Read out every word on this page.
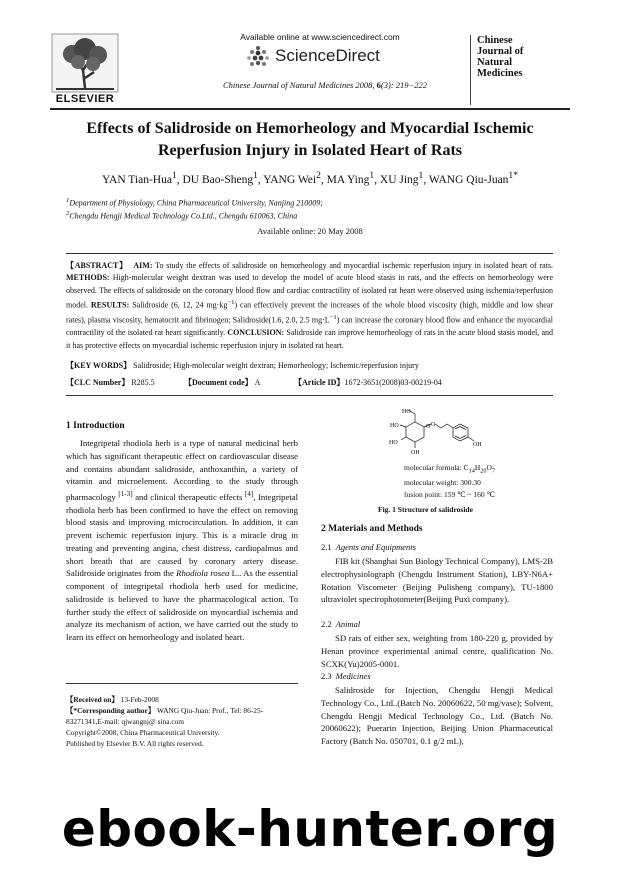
ELSEVIER
Available online at www.sciencedirect.com
ScienceDirect
Chinese Journal of Natural Medicines 2008, 6(3): 219−222
Chinese
Journal of
Natural
Medicines
Effects of Salidroside on Hemorheology and Myocardial Ischemic Reperfusion Injury in Isolated Heart of Rats
YAN Tian-Hua$^1$, DU Bao-Sheng$^1$, YANG Wei$^2$, MA Ying$^1$, XU Jing$^1$, WANG Qiu-Juan$^{1*}$
$^1$Department of Physiology, China Pharmaceutical University, Nanjing 210009;
$^2$Chengdu Hengji Medical Technology Co.Ltd., Chengdu 610063, China
Available online: 20 May 2008
【ABSTRACT】 AIM: To study the effects of salidroside on hemorheology and myocardial ischemic reperfusion injury in isolated heart of rats. METHODS: High-molecular weight dextran was used to develop the model of acute blood stasis in rats, and the effects on hemorheology were observed. The effects of salidroside on the coronary blood flow and cardiac contractility of isolated rat heart were observed using ischemia/reperfusion model. RESULTS: Salidroside (6, 12, 24 $mg\cdot kg^{-1}$) can effectively prevent the increases of the whole blood viscosity (high, middle and low shear rates), plasma viscosity, hematocrit and fibrinogen; Salidroside(1.6, 2.0, 2.5 $mg\cdot L^{-1}$) can increase the coronary blood flow and enhance the myocardial contractility of the isolated rat heart significantly. CONCLUSION: Salidroside can improve hemorheology of rats in the acute blood stasis model, and it has protective effects on myocardial ischemic reperfusion injury in isolated rat heart.
【KEY WORDS】 Salidroside; High-molecular weight dextran; Hemorheology; Ischemic/reperfusion injury
【CLC Number】 R285.5	【Document code】 A	【Article ID】1672-3651(2008)03-00219-04
1 Introduction
Integripetal rhodiola herb is a type of natural medicinal herb which has significant therapeutic effect on cardiovascular disease and contains abundant salidroside, anthoxanthin, a variety of vitamin and microelement. According to the study through pharmacology [1-3] and clinical therapeutic effects [4], Integripetal rhodiola herb has been confirmed to have the effect on removing blood stasis and improving microcirculation. In addition, it can prevent ischemic reperfusion injury. This is a miracle drug in treating and preventing angina, chest distress, cardiopalmus and short breath that are caused by coronary artery disease. Salidroside originates from the Rhodiola rosea L.. As the essential component of integripetal rhodiola herb used for medicine, salidroside is believed to have the pharmacological action. To further study the effect of salidroside on myocardial ischemia and analyze its mechanism of action, we have carried out the study to learn its effect on hemorheology and isolated heart.
【Received on】 13-Feb-2008
【*Corresponding author】 WANG Qiu-Juan: Prof., Tel: 86-25-83271341,E-mail: qjwangnj@ sina.com
Copyright©2008, China Pharmaceutical University.
Published by Elsevier B.V. All rights reserved.
HO
HO
HO
OH
O O
OH
molecular formula: $C_{14}H_{20}O_7$
molecular weight: 300.30
fusion point: 159 ℃ ~ 160 ℃
Fig. 1 Structure of salidroside
2 Materials and Methods
2.1 Agents and Equipments
FIB kit (Shanghai Sun Biology Technical Company), LMS-2B electrophysiolograph (Chengdu Instrument Station), LBY-N6A+ Rotation Viscometer (Beijing Pulisheng company), TU-1800 ultraviolet spectrophotometer(Beijing Puxi company).
2.2 Animal
SD rats of either sex, weighting from 180-220 g, provided by Henan province experimental animal centre, qualification No. SCXK(Yu)2005-0001.
2.3 Medicines
Salidroside for Injection, Chengdu Hengji Medical Technology Co., Ltd..(Batch No. 20060622, 50 mg/vase); Solvent, Chengdu Hengji Medical Technology Co., Ltd. (Batch No. 20060622); Puerarin Injection, Beijing Union Pharmaceutical Factory (Batch No. 050701, 0.1 g/2 mL),
ebook-hunter.org
